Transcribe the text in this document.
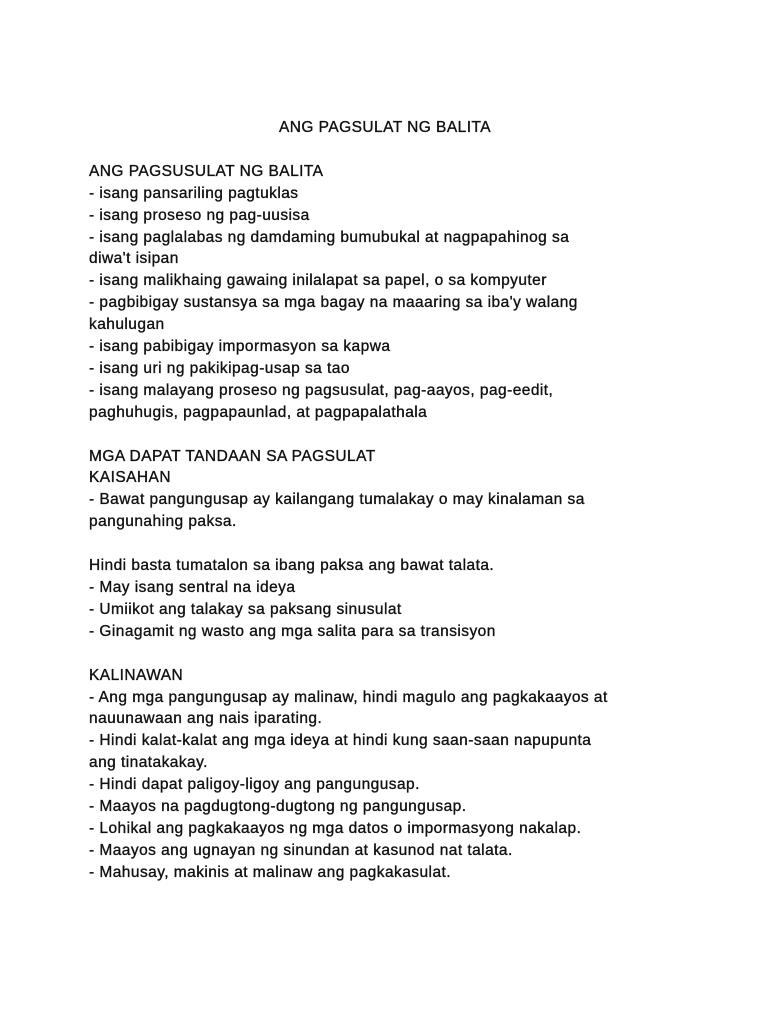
ANG PAGSULAT NG BALITA

ANG PAGSUSULAT NG BALITA
- isang pansariling pagtuklas
- isang proseso ng pag-uusisa
- isang paglalabas ng damdaming bumubukal at nagpapahinog sa
diwa't isipan
- isang malikhaing gawaing inilalapat sa papel, o sa kompyuter
- pagbibigay sustansya sa mga bagay na maaaring sa iba'y walang
kahulugan
- isang pabibigay impormasyon sa kapwa
- isang uri ng pakikipag-usap sa tao
- isang malayang proseso ng pagsusulat, pag-aayos, pag-eedit,
paghuhugis, pagpapaunlad, at pagpapalathala
MGA DAPAT TANDAAN SA PAGSULAT
KAISAHAN
- Bawat pangungusap ay kailangang tumalakay o may kinalaman sa
pangunahing paksa.
Hindi basta tumatalon sa ibang paksa ang bawat talata.
- May isang sentral na ideya
- Umiikot ang talakay sa paksang sinusulat
- Ginagamit ng wasto ang mga salita para sa transisyon
KALINAWAN
- Ang mga pangungusap ay malinaw, hindi magulo ang pagkakaayos at
nauunawaan ang nais iparating.
- Hindi kalat-kalat ang mga ideya at hindi kung saan-saan napupunta
ang tinatakakay.
- Hindi dapat paligoy-ligoy ang pangungusap.
- Maayos na pagdugtong-dugtong ng pangungusap.
- Lohikal ang pagkakaayos ng mga datos o impormasyong nakalap.
- Maayos ang ugnayan ng sinundan at kasunod nat talata.
- Mahusay, makinis at malinaw ang pagkakasulat.
